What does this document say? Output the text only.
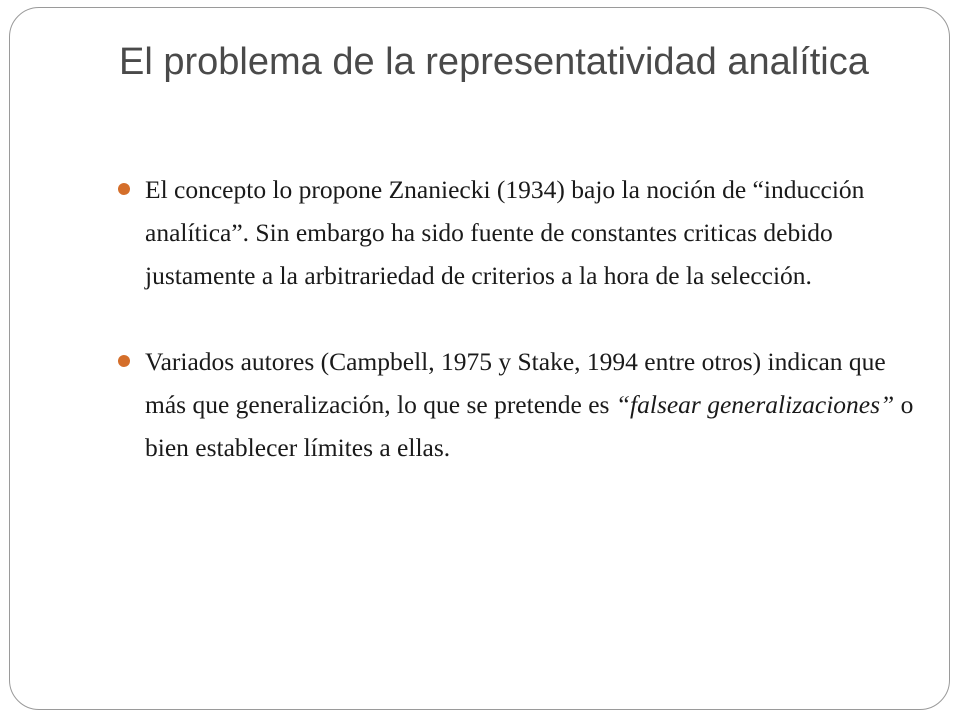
El problema de la representatividad analítica
El concepto lo propone Znaniecki (1934) bajo la noción de “inducción analítica”. Sin embargo ha sido fuente de constantes criticas debido justamente a la arbitrariedad de criterios a la hora de la selección.
Variados autores (Campbell, 1975 y Stake, 1994 entre otros) indican que más que generalización, lo que se pretende es “falsear generalizaciones” o bien establecer límites a ellas.
